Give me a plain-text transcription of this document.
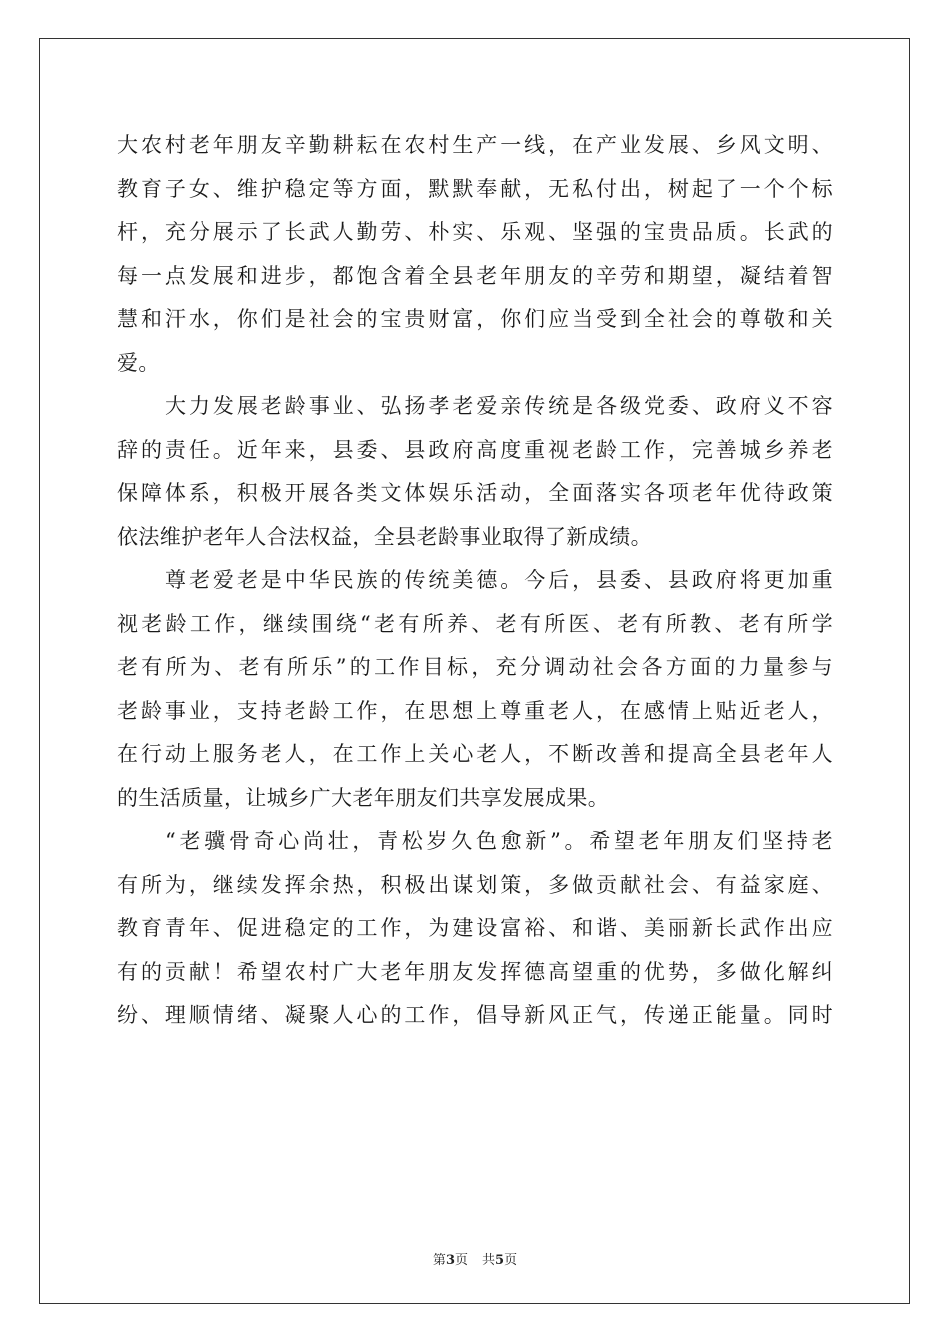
大农村老年朋友辛勤耕耘在农村生产一线，在产业发展、乡风文明、
教育子女、维护稳定等方面，默默奉献，无私付出，树起了一个个标
杆，充分展示了长武人勤劳、朴实、乐观、坚强的宝贵品质。长武的
每一点发展和进步，都饱含着全县老年朋友的辛劳和期望，凝结着智
慧和汗水，你们是社会的宝贵财富，你们应当受到全社会的尊敬和关
爱。
大力发展老龄事业、弘扬孝老爱亲传统是各级党委、政府义不容
辞的责任。近年来，县委、县政府高度重视老龄工作，完善城乡养老
保障体系，积极开展各类文体娱乐活动，全面落实各项老年优待政策
依法维护老年人合法权益，全县老龄事业取得了新成绩。
尊老爱老是中华民族的传统美德。今后，县委、县政府将更加重
视老龄工作，继续围绕“老有所养、老有所医、老有所教、老有所学
老有所为、老有所乐”的工作目标，充分调动社会各方面的力量参与
老龄事业，支持老龄工作，在思想上尊重老人，在感情上贴近老人，
在行动上服务老人，在工作上关心老人，不断改善和提高全县老年人
的生活质量，让城乡广大老年朋友们共享发展成果。
“老骥骨奇心尚壮，青松岁久色愈新”。希望老年朋友们坚持老
有所为，继续发挥余热，积极出谋划策，多做贡献社会、有益家庭、
教育青年、促进稳定的工作，为建设富裕、和谐、美丽新长武作出应
有的贡献！希望农村广大老年朋友发挥德高望重的优势，多做化解纠
纷、理顺情绪、凝聚人心的工作，倡导新风正气，传递正能量。同时
第3页 共5页
